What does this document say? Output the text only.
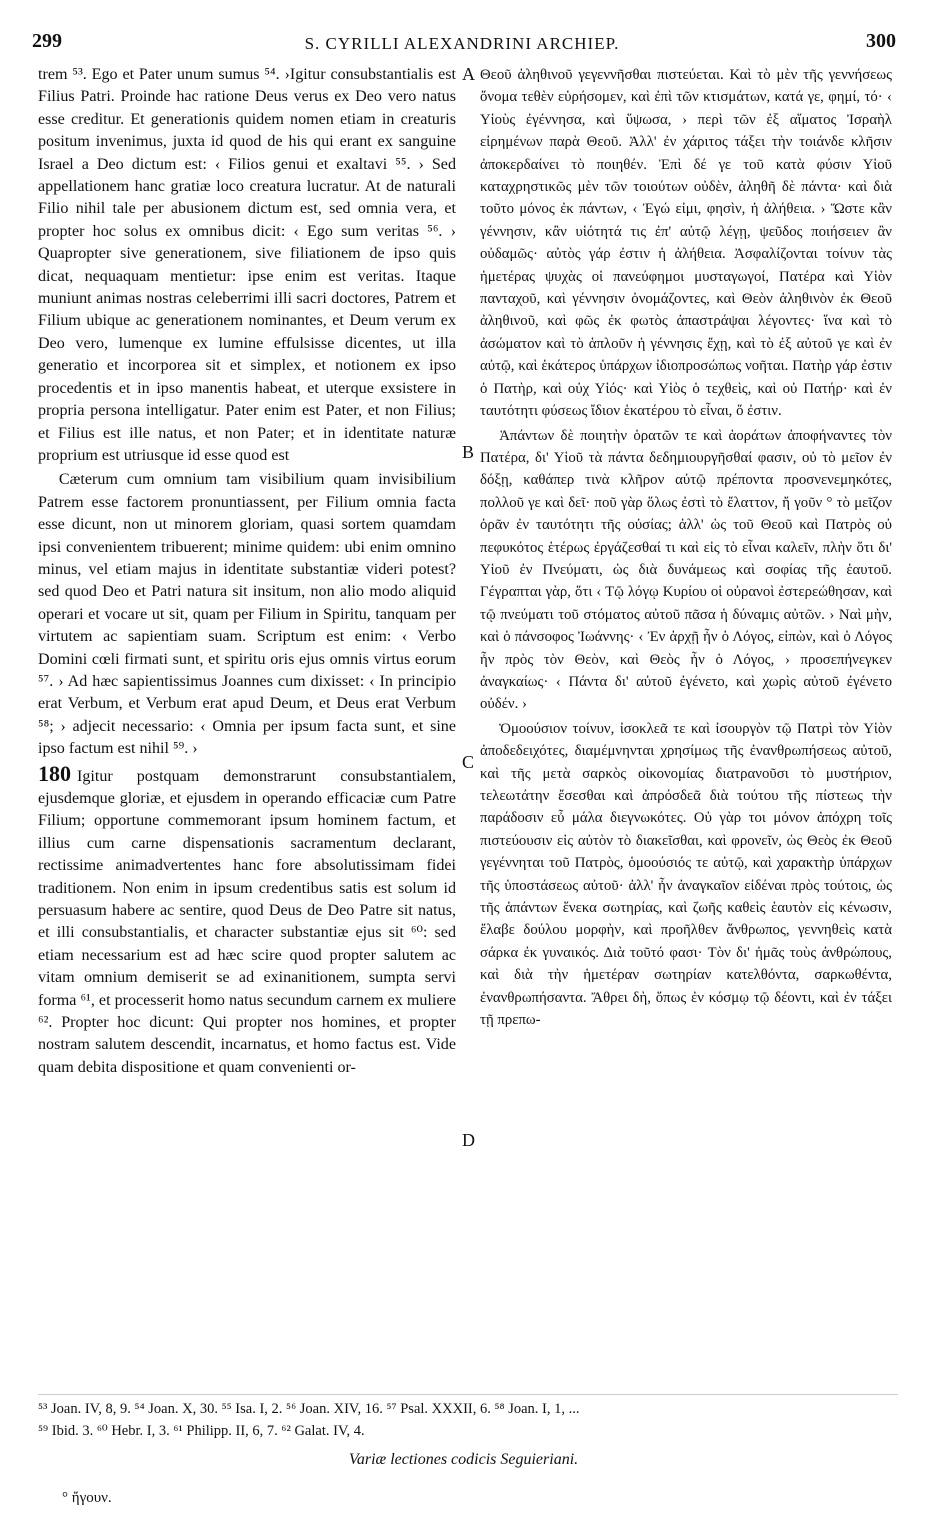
299	S. CYRILLI ALEXANDRINI ARCHIEP.	300

trem ⁵³. Ego et Pater unum sumus ⁵⁴. ›Igitur consubstantialis est Filius Patri. Proinde hac ratione Deus verus ex Deo vero natus esse creditur. Et generationis quidem nomen etiam in creaturis positum invenimus, juxta id quod de his qui erant ex sanguine Israel a Deo dictum est: ‹ Filios genui et exaltavi ⁵⁵. › Sed appellationem hanc gratiæ loco creatura lucratur. At de naturali Filio nihil tale per abusionem dictum est, sed omnia vera, et propter hoc solus ex omnibus dicit: ‹ Ego sum veritas ⁵⁶. › Quapropter sive generationem, sive filiationem de ipso quis dicat, nequaquam mentietur: ipse enim est veritas. Itaque muniunt animas nostras celeberrimi illi sacri doctores, Patrem et Filium ubique ac generationem nominantes, et Deum verum ex Deo vero, lumenque ex lumine effulsisse dicentes, ut illa generatio et incorporea sit et simplex, et notionem ex ipso procedentis et in ipso manentis habeat, et uterque exsistere in propria persona intelligatur. Pater enim est Pater, et non Filius; et Filius est ille natus, et non Pater; et in identitate naturæ proprium est utriusque id esse quod est

Cæterum cum omnium tam visibilium quam invisibilium Patrem esse factorem pronuntiassent, per Filium omnia facta esse dicunt, non ut minorem gloriam, quasi sortem quamdam ipsi convenientem tribuerent; minime quidem: ubi enim omnino minus, vel etiam majus in identitate substantiæ videri potest? sed quod Deo et Patri natura sit insitum, non alio modo aliquid operari et vocare ut sit, quam per Filium in Spiritu, tanquam per virtutem ac sapientiam suam. Scriptum est enim: ‹ Verbo Domini cœli firmati sunt, et spiritu oris ejus omnis virtus eorum ⁵⁷. › Ad hæc sapientissimus Joannes cum dixisset: ‹ In principio erat Verbum, et Verbum erat apud Deum, et Deus erat Verbum ⁵⁸; › adjecit necessario: ‹ Omnia per ipsum facta sunt, et sine ipso factum est nihil ⁵⁹. ›

180 Igitur postquam demonstrarunt consubstantialem, ejusdemque gloriæ, et ejusdem in operando efficaciæ cum Patre Filium; opportune commemorant ipsum hominem factum, et illius cum carne dispensationis sacramentum declarant, rectissime animadvertentes hanc fore absolutissimam fidei traditionem. Non enim in ipsum credentibus satis est solum id persuasum habere ac sentire, quod Deus de Deo Patre sit natus, et illi consubstantialis, et character substantiæ ejus sit ⁶⁰: sed etiam necessarium est ad hæc scire quod propter salutem ac vitam omnium demiserit se ad exinanitionem, sumpta servi forma ⁶¹, et processerit homo natus secundum carnem ex muliere ⁶². Propter hoc dicunt: Qui propter nos homines, et propter nostram salutem descendit, incarnatus, et homo factus est. Vide quam debita dispositione et quam convenienti or-

A
B
C
D

Θεοῦ ἀληθινοῦ γεγεννῆσθαι πιστεύεται. Καὶ τὸ μὲν τῆς γεννήσεως ὄνομα τεθὲν εὑρήσομεν, καὶ ἐπὶ τῶν κτισμάτων, κατά γε, φημί, τό· ‹ Υἱοὺς ἐγέννησα, καὶ ὕψωσα, › περὶ τῶν ἐξ αἵματος Ἰσραὴλ εἰρημένων παρὰ Θεοῦ. Ἀλλ' ἐν χάριτος τάξει τὴν τοιάνδε κλῆσιν ἀποκερδαίνει τὸ ποιηθέν. Ἐπὶ δέ γε τοῦ κατὰ φύσιν Υἱοῦ καταχρηστικῶς μὲν τῶν τοιούτων οὐδὲν, ἀληθῆ δὲ πάντα· καὶ διὰ τοῦτο μόνος ἐκ πάντων, ‹ Ἐγώ εἰμι, φησὶν, ἡ ἀλήθεια. › Ὥστε κἂν γέννησιν, κἂν υἱότητά τις ἐπ' αὐτῷ λέγῃ, ψεῦδος ποιήσειεν ἂν οὐδαμῶς· αὐτὸς γάρ ἐστιν ἡ ἀλήθεια. Ἀσφαλίζονται τοίνυν τὰς ἡμετέρας ψυχὰς οἱ πανεύφημοι μυσταγωγοί, Πατέρα καὶ Υἱὸν πανταχοῦ, καὶ γέννησιν ὀνομάζοντες, καὶ Θεὸν ἀληθινὸν ἐκ Θεοῦ ἀληθινοῦ, καὶ φῶς ἐκ φωτὸς ἀπαστράψαι λέγοντες· ἵνα καὶ τὸ ἀσώματον καὶ τὸ ἁπλοῦν ἡ γέννησις ἔχῃ, καὶ τὸ ἐξ αὐτοῦ γε καὶ ἐν αὐτῷ, καὶ ἑκάτερος ὑπάρχων ἰδιοπροσώπως νοῆται. Πατὴρ γάρ ἐστιν ὁ Πατὴρ, καὶ οὐχ Υἱός· καὶ Υἱὸς ὁ τεχθεὶς, καὶ οὐ Πατήρ· καὶ ἐν ταυτότητι φύσεως ἴδιον ἑκατέρου τὸ εἶναι, ὅ ἐστιν.

Ἁπάντων δὲ ποιητὴν ὁρατῶν τε καὶ ἀοράτων ἀποφήναντες τὸν Πατέρα, δι' Υἱοῦ τὰ πάντα δεδημιουργῆσθαί φασιν, οὐ τὸ μεῖον ἐν δόξῃ, καθάπερ τινὰ κλῆρον αὐτῷ πρέποντα προσνενεμηκότες, πολλοῦ γε καὶ δεῖ· ποῦ γὰρ ὅλως ἐστὶ τὸ ἔλαττον, ἤ γοῦν ° τὸ μεῖζον ὁρᾶν ἐν ταυτότητι τῆς οὐσίας; ἀλλ' ὡς τοῦ Θεοῦ καὶ Πατρὸς οὐ πεφυκότος ἑτέρως ἐργάζεσθαί τι καὶ εἰς τὸ εἶναι καλεῖν, πλὴν ὅτι δι' Υἱοῦ ἐν Πνεύματι, ὡς διὰ δυνάμεως καὶ σοφίας τῆς ἑαυτοῦ. Γέγραπται γὰρ, ὅτι ‹ Τῷ λόγῳ Κυρίου οἱ οὐρανοὶ ἐστερεώθησαν, καὶ τῷ πνεύματι τοῦ στόματος αὐτοῦ πᾶσα ἡ δύναμις αὐτῶν. › Ναὶ μὴν, καὶ ὁ πάνσοφος Ἰωάννης· ‹ Ἐν ἀρχῇ ἦν ὁ Λόγος, εἰπὼν, καὶ ὁ Λόγος ἦν πρὸς τὸν Θεὸν, καὶ Θεὸς ἦν ὁ Λόγος, › προσεπήνεγκεν ἀναγκαίως· ‹ Πάντα δι' αὐτοῦ ἐγένετο, καὶ χωρὶς αὐτοῦ ἐγένετο οὐδέν. ›

Ὁμοούσιον τοίνυν, ἰσοκλεᾶ τε καὶ ἰσουργὸν τῷ Πατρὶ τὸν Υἱὸν ἀποδεδειχότες, διαμέμνηνται χρησίμως τῆς ἐνανθρωπήσεως αὐτοῦ, καὶ τῆς μετὰ σαρκὸς οἰκονομίας διατρανοῦσι τὸ μυστήριον, τελεωτάτην ἔσεσθαι καὶ ἀπρόσδεᾶ διὰ τούτου τῆς πίστεως τὴν παράδοσιν εὖ μάλα διεγνωκότες. Οὐ γὰρ τοι μόνον ἀπόχρη τοῖς πιστεύουσιν εἰς αὐτὸν τὸ διακεῖσθαι, καὶ φρονεῖν, ὡς Θεὸς ἐκ Θεοῦ γεγέννηται τοῦ Πατρὸς, ὁμοούσιός τε αὐτῷ, καὶ χαρακτὴρ ὑπάρχων τῆς ὑποστάσεως αὐτοῦ· ἀλλ' ἦν ἀναγκαῖον εἰδέναι πρὸς τούτοις, ὡς τῆς ἁπάντων ἕνεκα σωτηρίας, καὶ ζωῆς καθεὶς ἑαυτὸν εἰς κένωσιν, ἔλαβε δούλου μορφὴν, καὶ προῆλθεν ἄνθρωπος, γεννηθεὶς κατὰ σάρκα ἐκ γυναικός. Διὰ τοῦτό φασι· Τὸν δι' ἡμᾶς τοὺς ἀνθρώπους, καὶ διὰ τὴν ἡμετέραν σωτηρίαν κατελθόντα, σαρκωθέντα, ἐνανθρωπήσαντα. Ἄθρει δὴ, ὅπως ἐν κόσμῳ τῷ δέοντι, καὶ ἐν τάξει τῇ πρεπω-

⁵³ Joan. IV, 8, 9. ⁵⁴ Joan. X, 30. ⁵⁵ Isa. I, 2. ⁵⁶ Joan. XIV, 16. ⁵⁷ Psal. XXXII, 6. ⁵⁸ Joan. I, 1, ...
⁵⁹ Ibid. 3. ⁶⁰ Hebr. I, 3. ⁶¹ Philipp. II, 6, 7. ⁶² Galat. IV, 4.
Variæ lectiones codicis Seguieriani.
° ἤγουν.
